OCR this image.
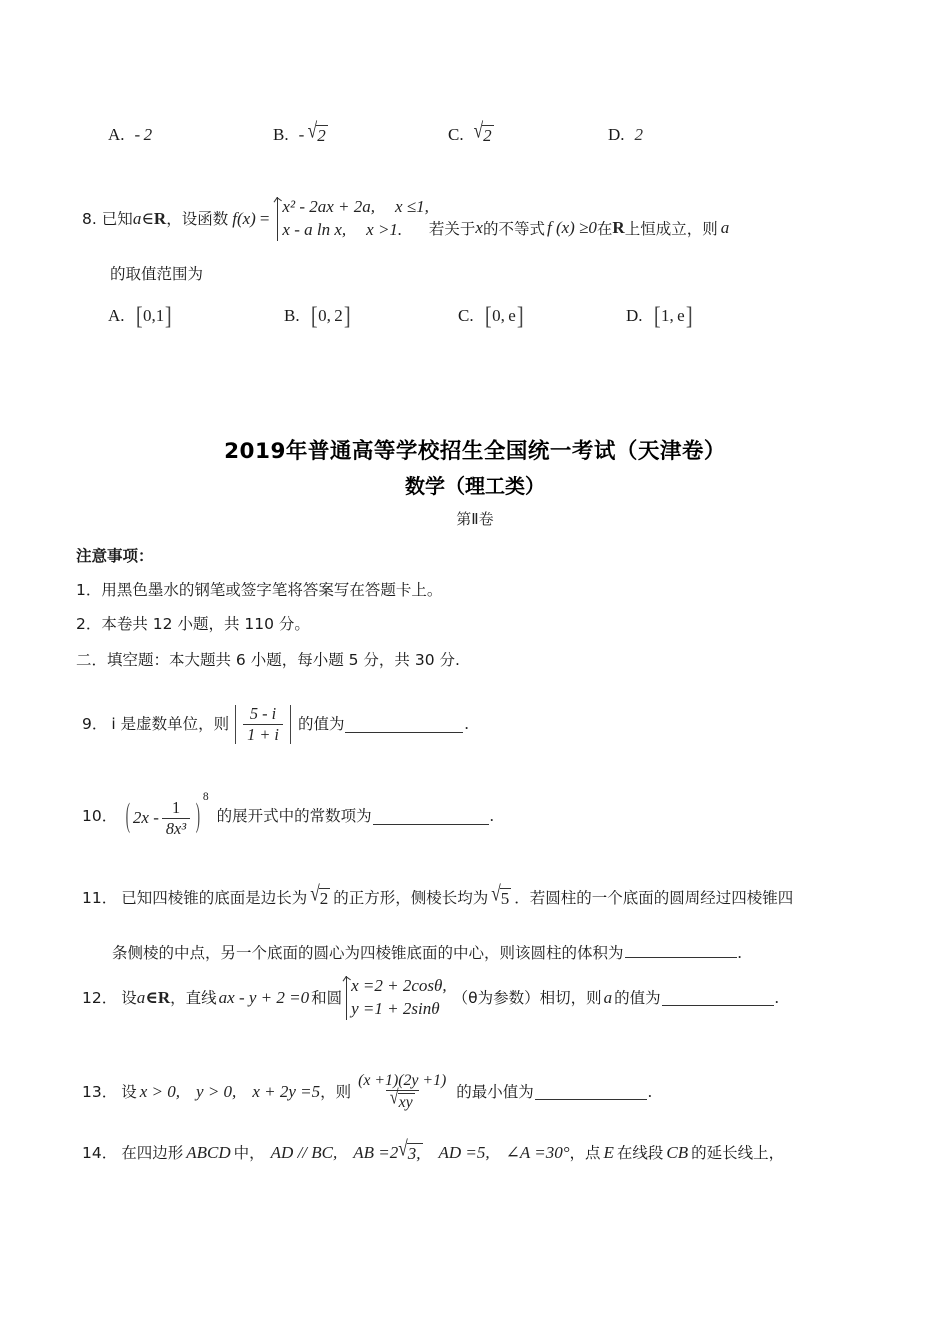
A. -  2	B. -  √ 2	C. √ 2	D. 2
8. 已知 a ∈ R ， 设函数 f (x) =
x² - 2ax + 2a, x ≤1,
x - a ln x, x >1. 若关于 x 的不等式 f (x) ≥0 在 R 上恒成立，则 a
的取值范围为
A. [ 0,1 ]	B. [ 0, 2 ]	C. [ 0, e ]	D. [ 1, e ]
2019年普通高等学校招生全国统一考试（天津卷）
数学（理工类）
第Ⅱ卷
注意事项：
1．用黑色墨水的钢笔或签字笔将答案写在答题卡上。
2．本卷共 12 小题，共 110 分。
二．填空题：本大题共 6 小题，每小题 5 分，共 30 分.
9． i 是虚数单位，则 $\frac{5 - i}{1 + i}$ 的值为	.
10． ( $2x - \frac{1}{\text{8x³}}$ ) 8
的展开式中的常数项为	.
11． 已知四棱锥的底面是边长为 √ 2 的正方形，侧棱长均为 √ 5 ．若圆柱的一个底面的圆周经过四棱锥四
条侧棱的中点，另一个底面的圆心为四棱锥底面的中心，则该圆柱的体积为	.
12． 设 a ∈R ， 直线 ax - y + 2 =0 和圆
x =2 + 2cosθ,
y =1 + 2sinθ
（θ为参数）相切，则 a 的值为	.
13． 设 x > 0, y > 0, x + 2y =5 ，则 $\frac{(x +1)(2y +1)}{√ xy}$ 的最小值为	.
14． 在四边形 ABCD 中， AD // BC, AB =2 √ 3, AD =5, ∠A =30° ，点 E 在线段 CB 的延长线上，
